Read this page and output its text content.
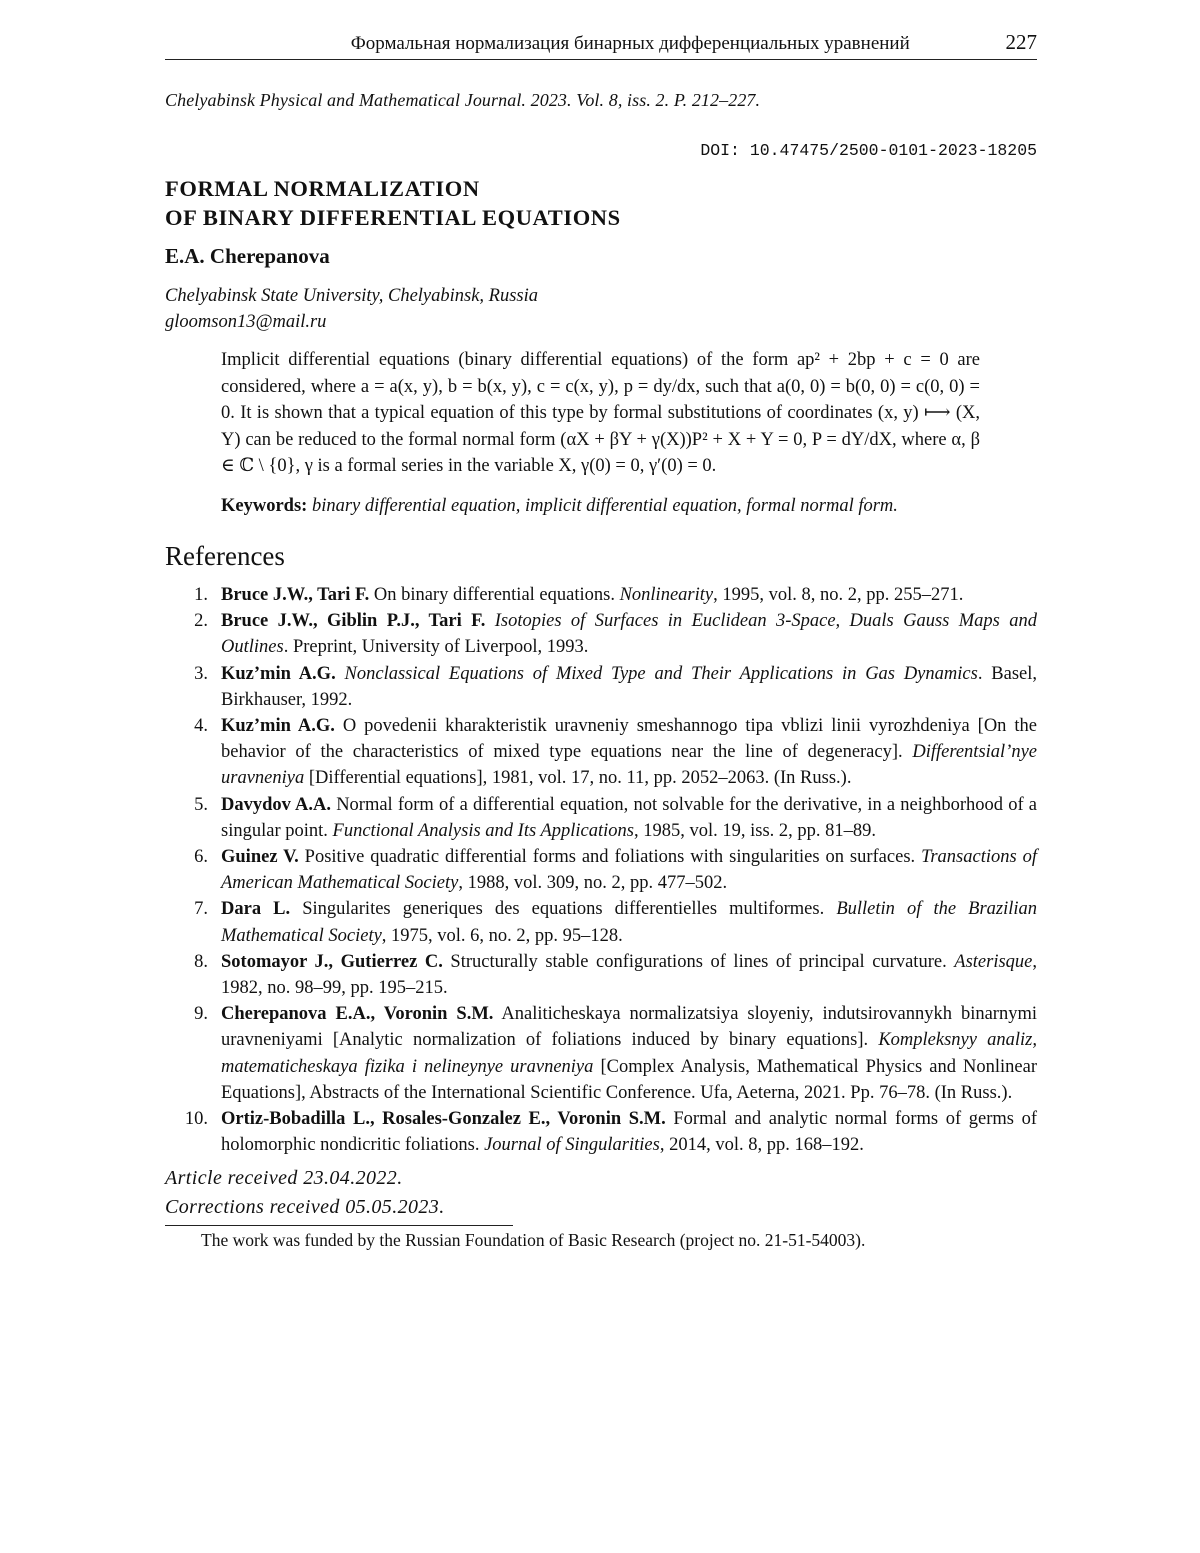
Формальная нормализация бинарных дифференциальных уравнений	227
Chelyabinsk Physical and Mathematical Journal. 2023. Vol. 8, iss. 2. P. 212–227.
DOI: 10.47475/2500-0101-2023-18205
FORMAL NORMALIZATION
OF BINARY DIFFERENTIAL EQUATIONS
E.A. Cherepanova
Chelyabinsk State University, Chelyabinsk, Russia
gloomson13@mail.ru
Implicit differential equations (binary differential equations) of the form ap² + 2bp + c = 0 are considered, where a = a(x, y), b = b(x, y), c = c(x, y), p = dy/dx, such that a(0, 0) = b(0, 0) = c(0, 0) = 0. It is shown that a typical equation of this type by formal substitutions of coordinates (x, y) ⟼ (X, Y) can be reduced to the formal normal form (αX + βY + γ(X))P² + X + Y = 0, P = dY/dX, where α, β ∈ ℂ \ {0}, γ is a formal series in the variable X, γ(0) = 0, γ′(0) = 0.
Keywords: binary differential equation, implicit differential equation, formal normal form.
References
1. Bruce J.W., Tari F. On binary differential equations. Nonlinearity, 1995, vol. 8, no. 2, pp. 255–271.
2. Bruce J.W., Giblin P.J., Tari F. Isotopies of Surfaces in Euclidean 3-Space, Duals Gauss Maps and Outlines. Preprint, University of Liverpool, 1993.
3. Kuz’min A.G. Nonclassical Equations of Mixed Type and Their Applications in Gas Dynamics. Basel, Birkhauser, 1992.
4. Kuz’min A.G. O povedenii kharakteristik uravneniy smeshannogo tipa vblizi linii vyrozhdeniya [On the behavior of the characteristics of mixed type equations near the line of degeneracy]. Differentsial’nye uravneniya [Differential equations], 1981, vol. 17, no. 11, pp. 2052–2063. (In Russ.).
5. Davydov A.A. Normal form of a differential equation, not solvable for the derivative, in a neighborhood of a singular point. Functional Analysis and Its Applications, 1985, vol. 19, iss. 2, pp. 81–89.
6. Guinez V. Positive quadratic differential forms and foliations with singularities on surfaces. Transactions of American Mathematical Society, 1988, vol. 309, no. 2, pp. 477–502.
7. Dara L. Singularites generiques des equations differentielles multiformes. Bulletin of the Brazilian Mathematical Society, 1975, vol. 6, no. 2, pp. 95–128.
8. Sotomayor J., Gutierrez C. Structurally stable configurations of lines of principal curvature. Asterisque, 1982, no. 98–99, pp. 195–215.
9. Cherepanova E.A., Voronin S.M. Analiticheskaya normalizatsiya sloyeniy, indutsirovannykh binarnymi uravneniyami [Analytic normalization of foliations induced by binary equations]. Kompleksnyy analiz, matematicheskaya fizika i nelineynye uravneniya [Complex Analysis, Mathematical Physics and Nonlinear Equations], Abstracts of the International Scientific Conference. Ufa, Aeterna, 2021. Pp. 76–78. (In Russ.).
10. Ortiz-Bobadilla L., Rosales-Gonzalez E., Voronin S.M. Formal and analytic normal forms of germs of holomorphic nondicritic foliations. Journal of Singularities, 2014, vol. 8, pp. 168–192.
Article received 23.04.2022.
Corrections received 05.05.2023.
The work was funded by the Russian Foundation of Basic Research (project no. 21-51-54003).
